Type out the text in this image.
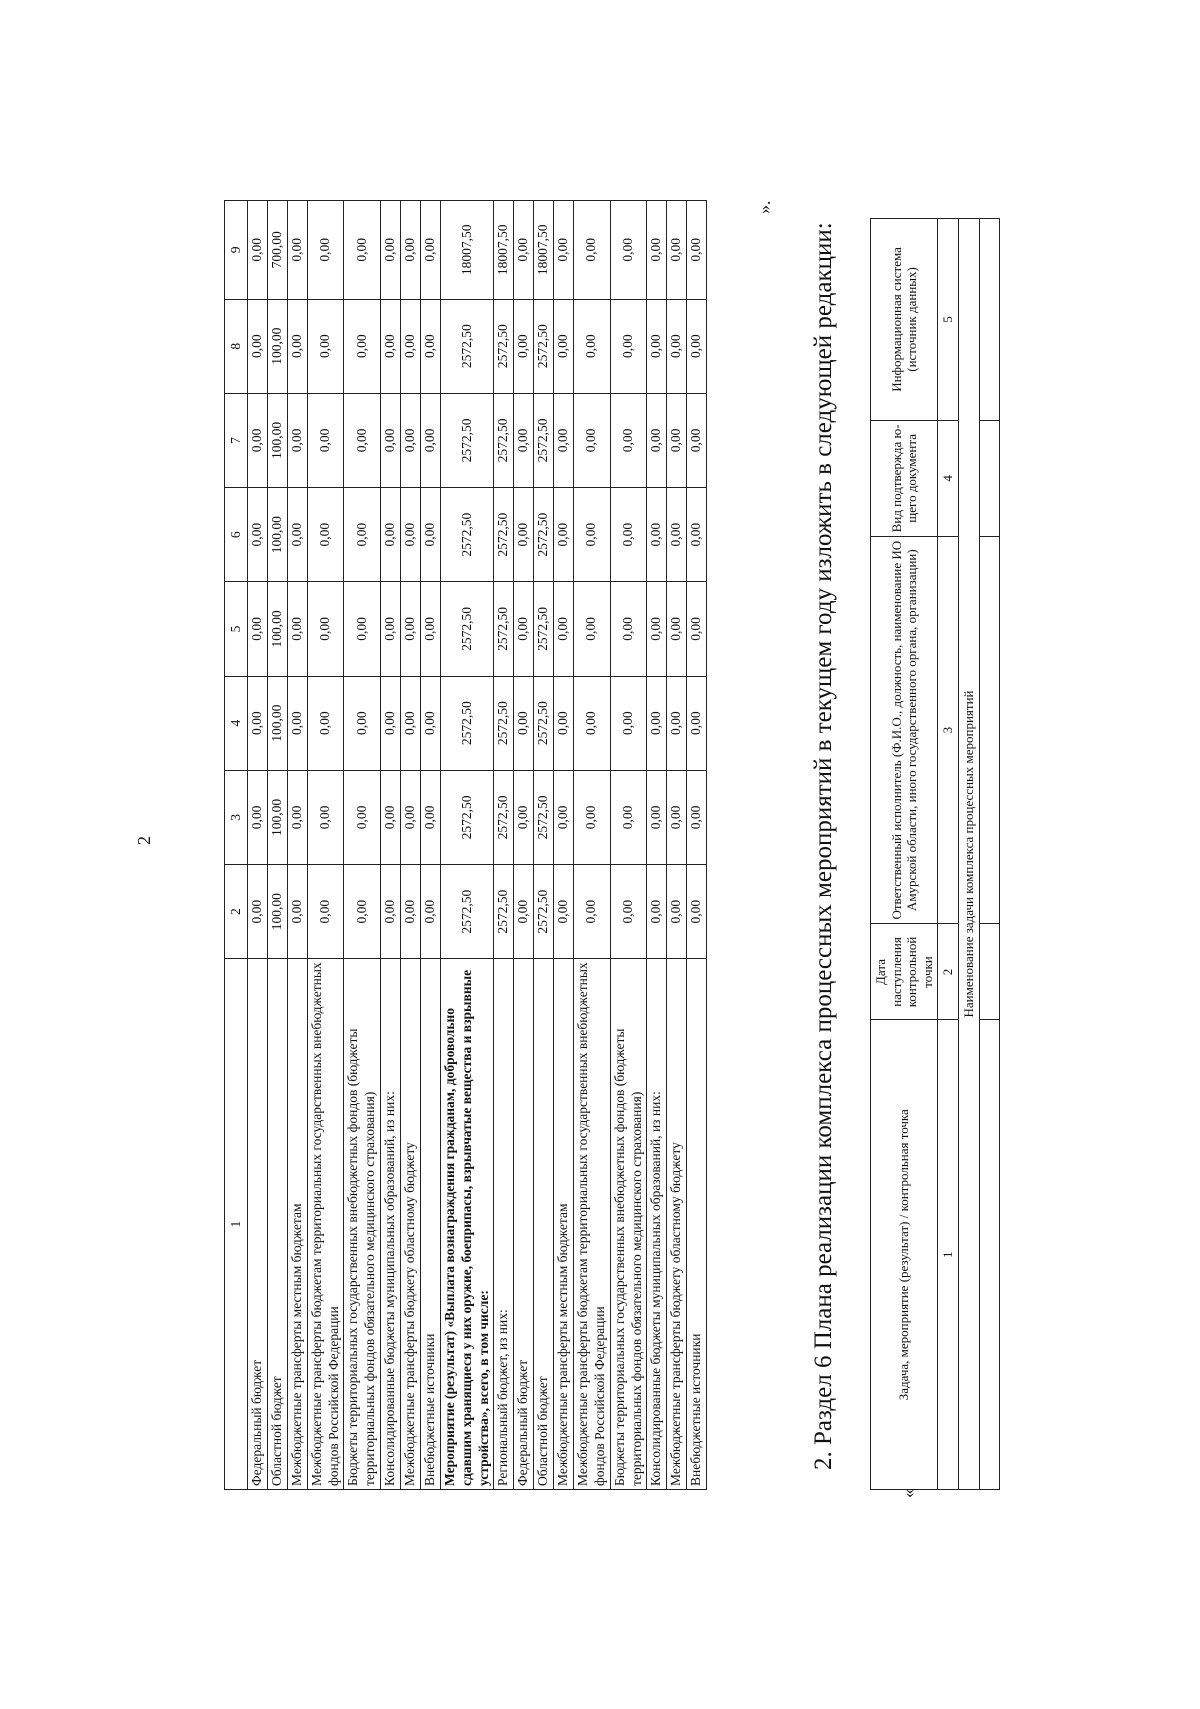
2
1	2	3	4	5	6	7	8	9
Федеральный бюджет	0,00	0,00	0,00	0,00	0,00	0,00	0,00	0,00
Областной бюджет	100,00	100,00	100,00	100,00	100,00	100,00	100,00	700,00
Межбюджетные трансферты местным бюджетам	0,00	0,00	0,00	0,00	0,00	0,00	0,00	0,00
Межбюджетные трансферты бюджетам территориальных государственных внебюджетных фондов Российской Федерации	0,00	0,00	0,00	0,00	0,00	0,00	0,00	0,00
Бюджеты территориальных государственных внебюджетных фондов (бюджеты территориальных фондов обязательного медицинского страхования)	0,00	0,00	0,00	0,00	0,00	0,00	0,00	0,00
Консолидированные бюджеты муниципальных образований, из них:	0,00	0,00	0,00	0,00	0,00	0,00	0,00	0,00
Межбюджетные трансферты бюджету областному бюджету	0,00	0,00	0,00	0,00	0,00	0,00	0,00	0,00
Внебюджетные источники	0,00	0,00	0,00	0,00	0,00	0,00	0,00	0,00
Мероприятие (результат) «Выплата вознаграждения гражданам, добровольно сдавшим хранящиеся у них оружие, боеприпасы, взрывчатые вещества и взрывные устройства», всего, в том числе:	2572,50	2572,50	2572,50	2572,50	2572,50	2572,50	2572,50	18007,50
Региональный бюджет, из них:	2572,50	2572,50	2572,50	2572,50	2572,50	2572,50	2572,50	18007,50
Федеральный бюджет	0,00	0,00	0,00	0,00	0,00	0,00	0,00	0,00
Областной бюджет	2572,50	2572,50	2572,50	2572,50	2572,50	2572,50	2572,50	18007,50
Межбюджетные трансферты местным бюджетам	0,00	0,00	0,00	0,00	0,00	0,00	0,00	0,00
Межбюджетные трансферты бюджетам территориальных государственных внебюджетных фондов Российской Федерации	0,00	0,00	0,00	0,00	0,00	0,00	0,00	0,00
Бюджеты территориальных государственных внебюджетных фондов (бюджеты территориальных фондов обязательного медицинского страхования)	0,00	0,00	0,00	0,00	0,00	0,00	0,00	0,00
Консолидированные бюджеты муниципальных образований, из них:	0,00	0,00	0,00	0,00	0,00	0,00	0,00	0,00
Межбюджетные трансферты бюджету областному бюджету	0,00	0,00	0,00	0,00	0,00	0,00	0,00	0,00
Внебюджетные источники	0,00	0,00	0,00	0,00	0,00	0,00	0,00	0,00
».
2. Раздел 6 Плана реализации комплекса процессных мероприятий в текущем году изложить в следующей редакции:
«
Задача, мероприятие (результат) / контрольная точка	Дата наступления контрольной точки	Ответственный исполнитель (Ф.И.О., должность, наименование ИО Амурской области, иного государственного органа, организации)	Вид подтвержда ю-щего документа	Информационная система (источник данных)
1	2	3	4	5
Наименование задачи комплекса процессных мероприятий				
